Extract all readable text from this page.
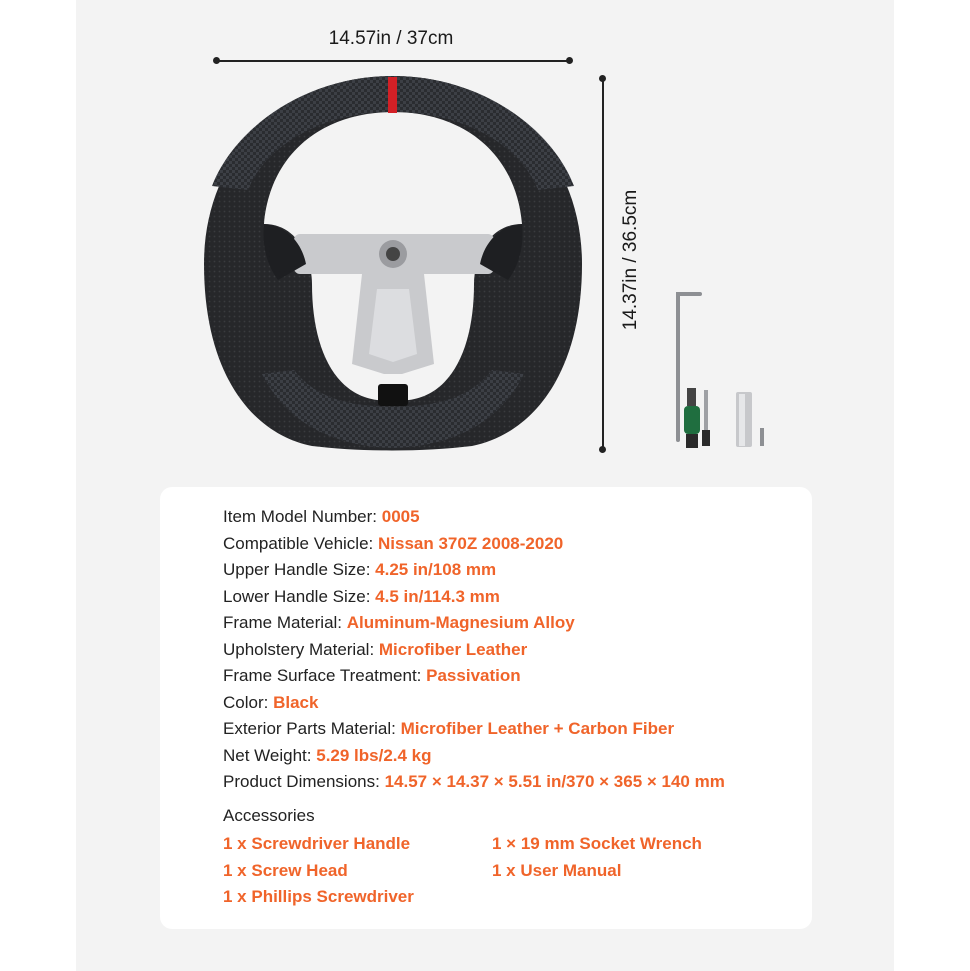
14.57in / 37cm
14.37in / 36.5cm
Item Model Number: 0005
Compatible Vehicle: Nissan 370Z 2008-2020
Upper Handle Size: 4.25 in/108 mm
Lower Handle Size: 4.5 in/114.3 mm
Frame Material: Aluminum-Magnesium Alloy
Upholstery Material: Microfiber Leather
Frame Surface Treatment: Passivation
Color: Black
Exterior Parts Material: Microfiber Leather + Carbon Fiber
Net Weight: 5.29 lbs/2.4 kg
Product Dimensions: 14.57 × 14.37 × 5.51 in/370 × 365 × 140 mm
Accessories
1 x Screwdriver Handle	1 × 19 mm Socket Wrench
1 x Screw Head	1 x User Manual
1 x Phillips Screwdriver
